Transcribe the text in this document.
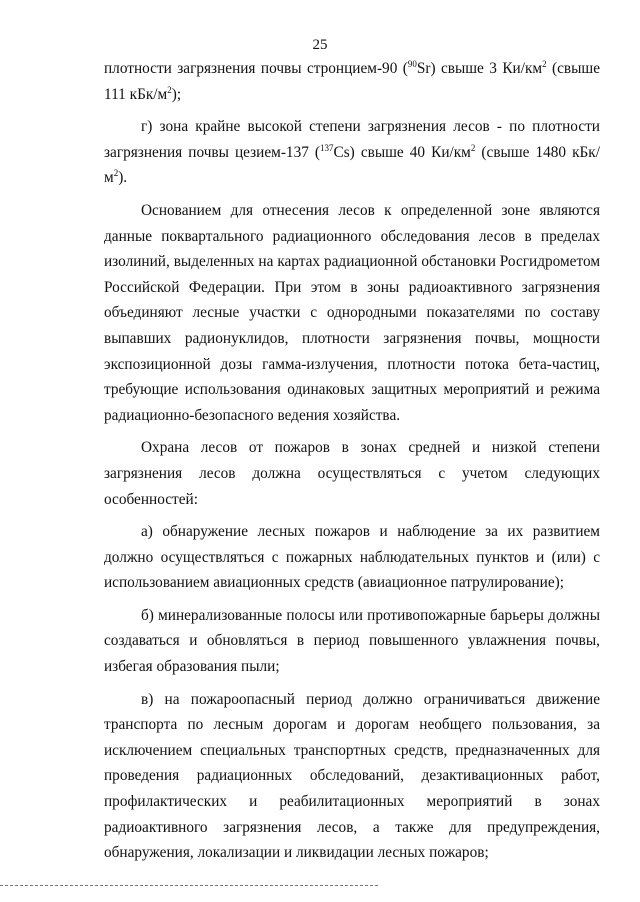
25

плотности загрязнения почвы стронцием-90 ($^{90}$Sr) свыше 3 $Ки/км^2$ (свыше 111 кБк/$м^2$);

г) зона крайне высокой степени загрязнения лесов - по плотности загрязнения почвы цезием-137 ($^{137}$Cs) свыше 40 $Ки/км^2$ (свыше 1480 кБк/$м^2$).

Основанием для отнесения лесов к определенной зоне являются данные поквартального радиационного обследования лесов в пределах изолиний, выделенных на картах радиационной обстановки Росгидрометом Российской Федерации. При этом в зоны радиоактивного загрязнения объединяют лесные участки с однородными показателями по составу выпавших радионуклидов, плотности загрязнения почвы, мощности экспозиционной дозы гамма-излучения, плотности потока бета-частиц, требующие использования одинаковых защитных мероприятий и режима радиационно-безопасного ведения хозяйства.

Охрана лесов от пожаров в зонах средней и низкой степени загрязнения лесов должна осуществляться с учетом следующих особенностей:

а) обнаружение лесных пожаров и наблюдение за их развитием должно осуществляться с пожарных наблюдательных пунктов и (или) с использованием авиационных средств (авиационное патрулирование);

б) минерализованные полосы или противопожарные барьеры должны создаваться и обновляться в период повышенного увлажнения почвы, избегая образования пыли;

в) на пожароопасный период должно ограничиваться движение транспорта по лесным дорогам и дорогам необщего пользования, за исключением специальных транспортных средств, предназначенных для проведения радиационных обследований, дезактивационных работ, профилактических и реабилитационных мероприятий в зонах радиоактивного загрязнения лесов, а также для предупреждения, обнаружения, локализации и ликвидации лесных пожаров;
